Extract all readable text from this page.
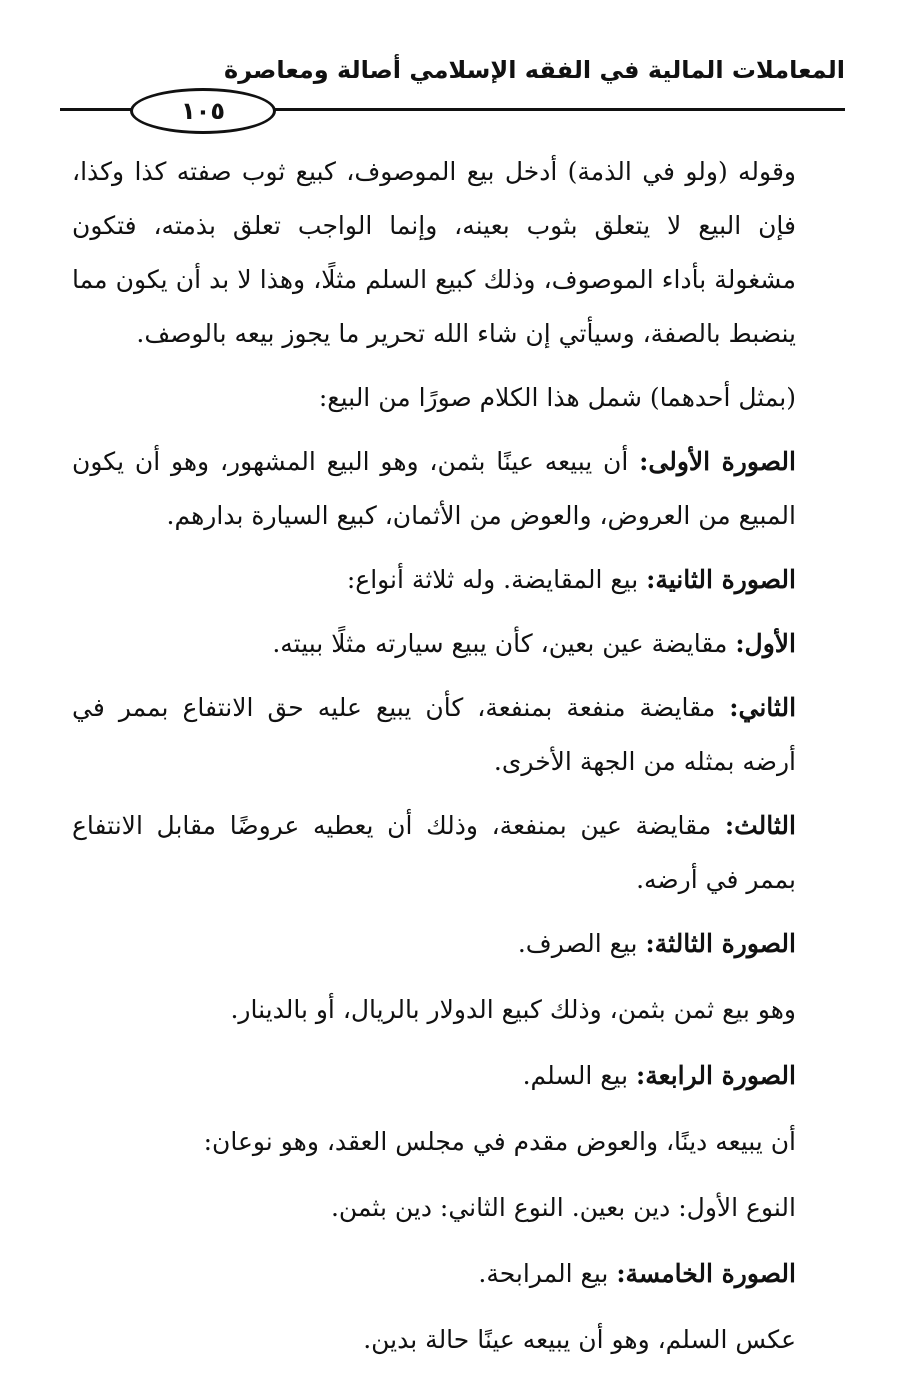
المعاملات المالية في الفقه الإسلامي أصالة ومعاصرة
١٠٥

وقوله (ولو في الذمة) أدخل بيع الموصوف، كبيع ثوب صفته كذا وكذا، فإن البيع لا يتعلق بثوب بعينه، وإنما الواجب تعلق بذمته، فتكون مشغولة بأداء الموصوف، وذلك كبيع السلم مثلًا، وهذا لا بد أن يكون مما ينضبط بالصفة، وسيأتي إن شاء الله تحرير ما يجوز بيعه بالوصف.

(بمثل أحدهما) شمل هذا الكلام صورًا من البيع:

الصورة الأولى: أن يبيعه عينًا بثمن، وهو البيع المشهور، وهو أن يكون المبيع من العروض، والعوض من الأثمان، كبيع السيارة بدارهم.

الصورة الثانية: بيع المقايضة. وله ثلاثة أنواع:

الأول: مقايضة عين بعين، كأن يبيع سيارته مثلًا ببيته.

الثاني: مقايضة منفعة بمنفعة، كأن يبيع عليه حق الانتفاع بممر في أرضه بمثله من الجهة الأخرى.

الثالث: مقايضة عين بمنفعة، وذلك أن يعطيه عروضًا مقابل الانتفاع بممر في أرضه.

الصورة الثالثة: بيع الصرف.

وهو بيع ثمن بثمن، وذلك كبيع الدولار بالريال، أو بالدينار.

الصورة الرابعة: بيع السلم.

أن يبيعه دينًا، والعوض مقدم في مجلس العقد، وهو نوعان:

النوع الأول: دين بعين. النوع الثاني: دين بثمن.

الصورة الخامسة: بيع المرابحة.

عكس السلم، وهو أن يبيعه عينًا حالة بدين.
